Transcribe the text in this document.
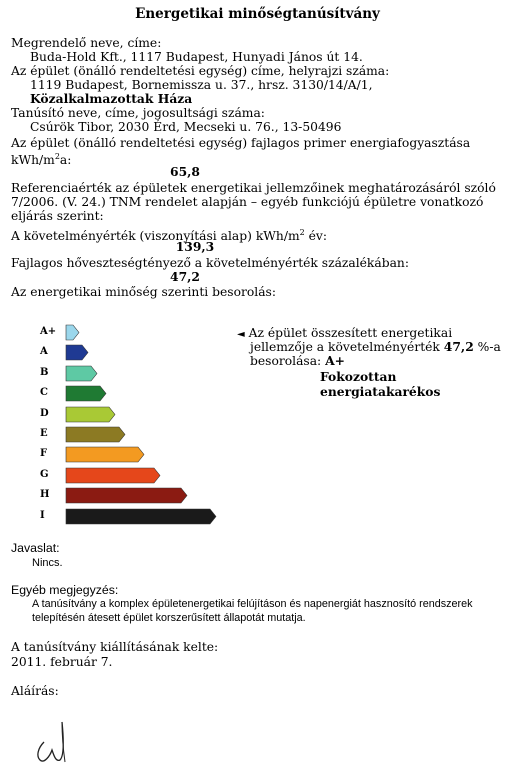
Energetikai minőségtanúsítvány
Megrendelő neve, címe:
Buda-Hold Kft., 1117 Budapest, Hunyadi János út 14.
Az épület (önálló rendeltetési egység) címe, helyrajzi száma:
1119 Budapest, Bornemissza u. 37., hrsz. 3130/14/A/1,
Közalkalmazottak Háza
Tanúsító neve, címe, jogosultsági száma:
Csúrök Tibor, 2030 Érd, Mecseki u. 76., 13-50496
Az épület (önálló rendeltetési egység) fajlagos primer energiafogyasztása
kWh/$m^2a$:
65,8
Referenciaérték az épületek energetikai jellemzőinek meghatározásáról szóló
7/2006. (V. 24.) TNM rendelet alapján – egyéb funkciójú épületre vonatkozó
eljárás szerint:
A követelményérték (viszonyítási alap) kWh/$m^2$ év:
139,3
Fajlagos hőveszteségtényező a követelményérték százalékában:
47,2
Az energetikai minőség szerinti besorolás:
A+
A
B
C
D
E
F
G
H
I
◄ Az épület összesített energetikai
jellemzője a követelményérték 47,2 %-a
besorolása: A+
Fokozottan
energiatakarékos
Javaslat:
Nincs.
Egyéb megjegyzés:
A tanúsítvány a komplex épületenergetikai felújításon és napenergiát hasznosító rendszerek
telepítésén átesett épület korszerűsített állapotát mutatja.
A tanúsítvány kiállításának kelte:
2011. február 7.
Aláírás:
